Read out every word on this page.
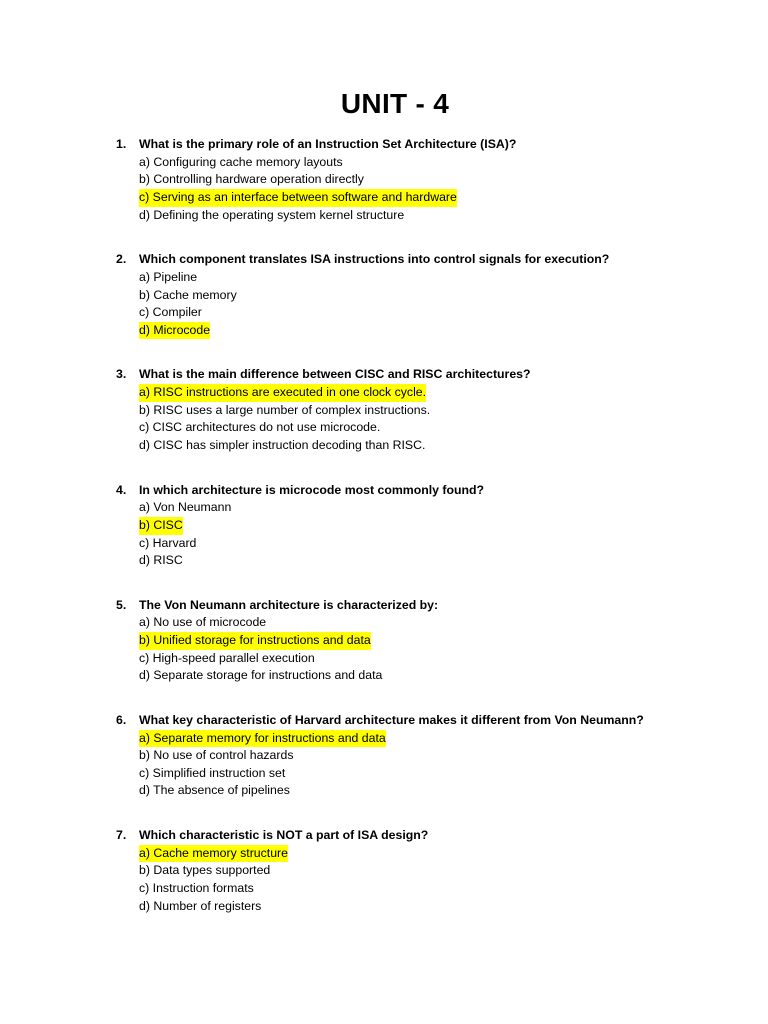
UNIT - 4
1. What is the primary role of an Instruction Set Architecture (ISA)?
a) Configuring cache memory layouts
b) Controlling hardware operation directly
c) Serving as an interface between software and hardware
d) Defining the operating system kernel structure
2. Which component translates ISA instructions into control signals for execution?
a) Pipeline
b) Cache memory
c) Compiler
d) Microcode
3. What is the main difference between CISC and RISC architectures?
a) RISC instructions are executed in one clock cycle.
b) RISC uses a large number of complex instructions.
c) CISC architectures do not use microcode.
d) CISC has simpler instruction decoding than RISC.
4. In which architecture is microcode most commonly found?
a) Von Neumann
b) CISC
c) Harvard
d) RISC
5. The Von Neumann architecture is characterized by:
a) No use of microcode
b) Unified storage for instructions and data
c) High-speed parallel execution
d) Separate storage for instructions and data
6. What key characteristic of Harvard architecture makes it different from Von Neumann?
a) Separate memory for instructions and data
b) No use of control hazards
c) Simplified instruction set
d) The absence of pipelines
7. Which characteristic is NOT a part of ISA design?
a) Cache memory structure
b) Data types supported
c) Instruction formats
d) Number of registers
